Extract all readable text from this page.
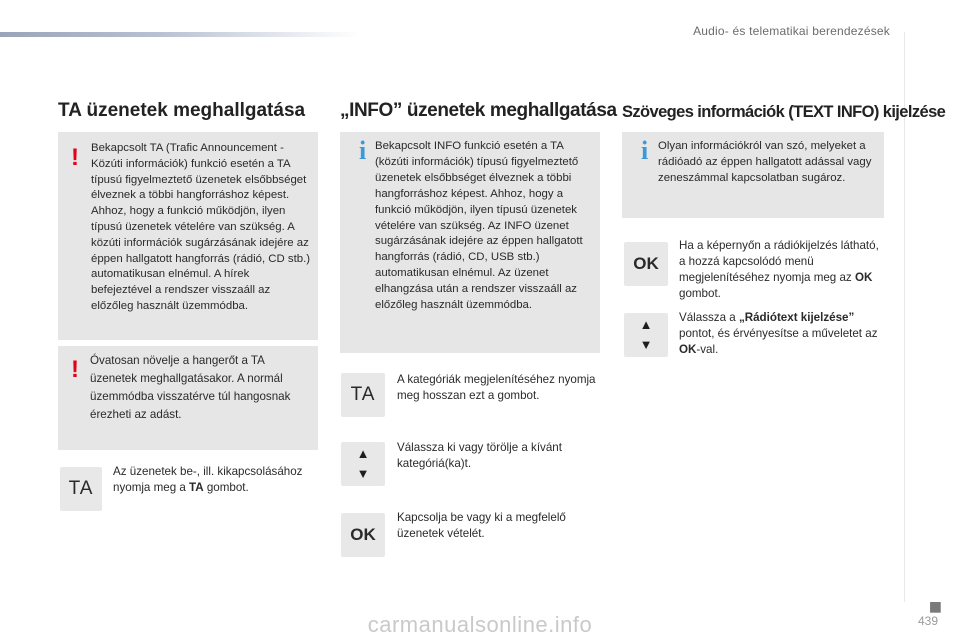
Audio- és telematikai berendezések
TA üzenetek meghallgatása
! Bekapcsolt TA (Trafic Announcement - Közúti információk) funkció esetén a TA típusú figyelmeztető üzenetek elsőbbséget élveznek a többi hangforráshoz képest. Ahhoz, hogy a funkció működjön, ilyen típusú üzenetek vételére van szükség. A közúti információk sugárzásának idejére az éppen hallgatott hangforrás (rádió, CD stb.) automatikusan elnémul. A hírek befejeztével a rendszer visszaáll az előzőleg használt üzemmódba.
! Óvatosan növelje a hangerőt a TA üzenetek meghallgatásakor. A normál üzemmódba visszatérve túl hangosnak érezheti az adást.
TA
Az üzenetek be-, ill. kikapcsolásához nyomja meg a TA gombot.
„INFO” üzenetek meghallgatása
i Bekapcsolt INFO funkció esetén a TA (közúti információk) típusú figyelmeztető üzenetek elsőbbséget élveznek a többi hangforráshoz képest. Ahhoz, hogy a funkció működjön, ilyen típusú üzenetek vételére van szükség. Az INFO üzenet sugárzásának idejére az éppen hallgatott hangforrás (rádió, CD, USB stb.) automatikusan elnémul. Az üzenet elhangzása után a rendszer visszaáll az előzőleg használt üzemmódba.
TA
A kategóriák megjelenítéséhez nyomja meg hosszan ezt a gombot.
▲
▼
Válassza ki vagy törölje a kívánt kategóriá(ka)t.
OK
Kapcsolja be vagy ki a megfelelő üzenetek vételét.
Szöveges információk (TEXT INFO) kijelzése
i Olyan információkról van szó, melyeket a rádióadó az éppen hallgatott adással vagy zeneszámmal kapcsolatban sugároz.
OK
Ha a képernyőn a rádiókijelzés látható, a hozzá kapcsolódó menü megjelenítéséhez nyomja meg az OK gombot.
▲
▼
Válassza a „Rádiótext kijelzése” pontot, és érvényesítse a műveletet az OK-val.
■
439
carmanualsonline.info
